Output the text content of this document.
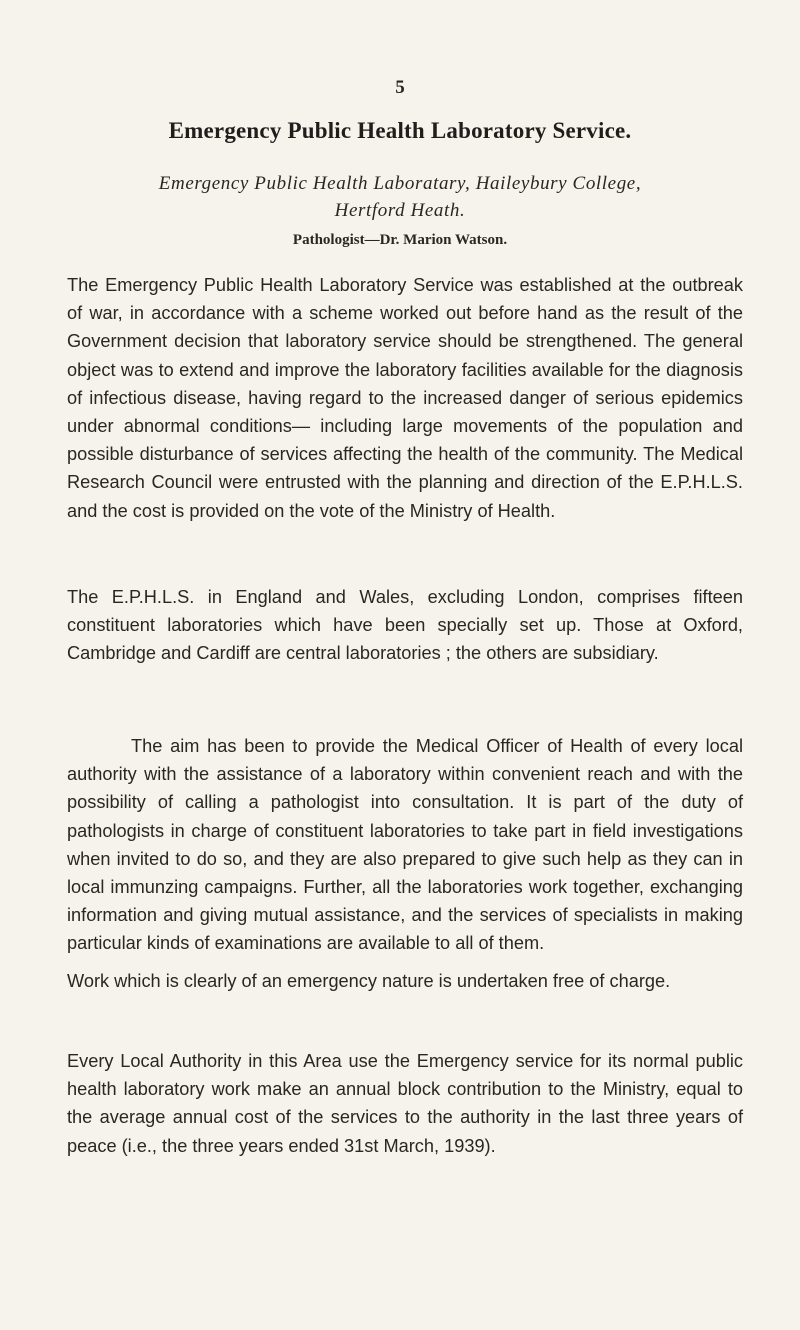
5
Emergency Public Health Laboratory Service.
Emergency Public Health Laboratary, Haileybury College,
Hertford Heath.
Pathologist—Dr. Marion Watson.

The Emergency Public Health Laboratory Service was established at the outbreak of war, in accordance with a scheme worked out before hand as the result of the Government decision that laboratory service should be strengthened. The general object was to extend and improve the laboratory facilities available for the diagnosis of infectious disease, having regard to the increased danger of serious epidemics under abnormal conditions— including large movements of the population and possible disturbance of services affecting the health of the community. The Medical Research Council were entrusted with the planning and direction of the E.P.H.L.S. and the cost is provided on the vote of the Ministry of Health.

The E.P.H.L.S. in England and Wales, excluding London, comprises fifteen constituent laboratories which have been specially set up. Those at Oxford, Cambridge and Cardiff are central laboratories ; the others are subsidiary.

The aim has been to provide the Medical Officer of Health of every local authority with the assistance of a laboratory within convenient reach and with the possibility of calling a pathologist into consultation. It is part of the duty of pathologists in charge of constituent laboratories to take part in field investigations when invited to do so, and they are also prepared to give such help as they can in local immunzing campaigns. Further, all the laboratories work together, exchanging information and giving mutual assistance, and the services of specialists in making particular kinds of examinations are available to all of them.

Work which is clearly of an emergency nature is undertaken free of charge.

Every Local Authority in this Area use the Emergency service for its normal public health laboratory work make an annual block contribution to the Ministry, equal to the average annual cost of the services to the authority in the last three years of peace (i.e., the three years ended 31st March, 1939).
